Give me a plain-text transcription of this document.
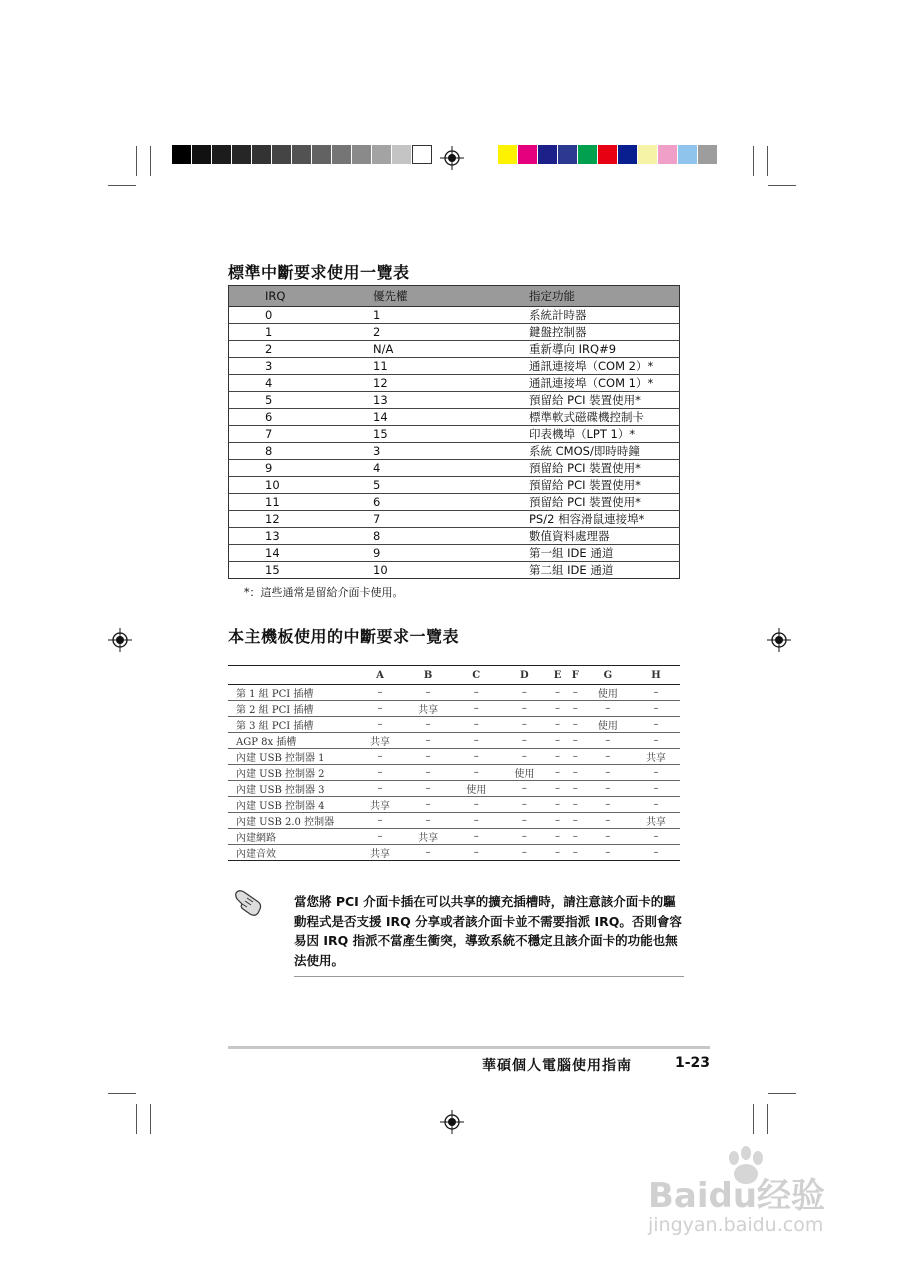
標準中斷要求使用一覽表
IRQ	優先權	指定功能
0	1	系統計時器
1	2	鍵盤控制器
2	N/A	重新導向 IRQ#9
3	11	通訊連接埠（COM 2）*
4	12	通訊連接埠（COM 1）*
5	13	預留給 PCI 裝置使用*
6	14	標準軟式磁碟機控制卡
7	15	印表機埠（LPT 1）*
8	3	系統 CMOS/即時時鐘
9	4	預留給 PCI 裝置使用*
10	5	預留給 PCI 裝置使用*
11	6	預留給 PCI 裝置使用*
12	7	PS/2 相容滑鼠連接埠*
13	8	數值資料處理器
14	9	第一組 IDE 通道
15	10	第二組 IDE 通道
*：這些通常是留給介面卡使用。
本主機板使用的中斷要求一覽表
	A	B	C	D	E	F	G	H
第 1 組 PCI 插槽	–	–	–	–	–	–	使用	–
第 2 組 PCI 插槽	–	共享	–	–	–	–	–	–
第 3 組 PCI 插槽	–	–	–	–	–	–	使用	–
AGP 8x 插槽	共享	–	–	–	–	–	–	–
內建 USB 控制器 1	–	–	–	–	–	–	–	共享
內建 USB 控制器 2	–	–	–	使用	–	–	–	–
內建 USB 控制器 3	–	–	使用	–	–	–	–	–
內建 USB 控制器 4	共享	–	–	–	–	–	–	–
內建 USB 2.0 控制器	–	–	–	–	–	–	–	共享
內建網路	–	共享	–	–	–	–	–	–
內建音效	共享	–	–	–	–	–	–	–
當您將 PCI 介面卡插在可以共享的擴充插槽時，請注意該介面卡的驅動程式是否支援 IRQ 分享或者該介面卡並不需要指派 IRQ。否則會容易因 IRQ 指派不當產生衝突，導致系統不穩定且該介面卡的功能也無法使用。
華碩個人電腦使用指南	1-23
Baidu经验
jingyan.baidu.com
